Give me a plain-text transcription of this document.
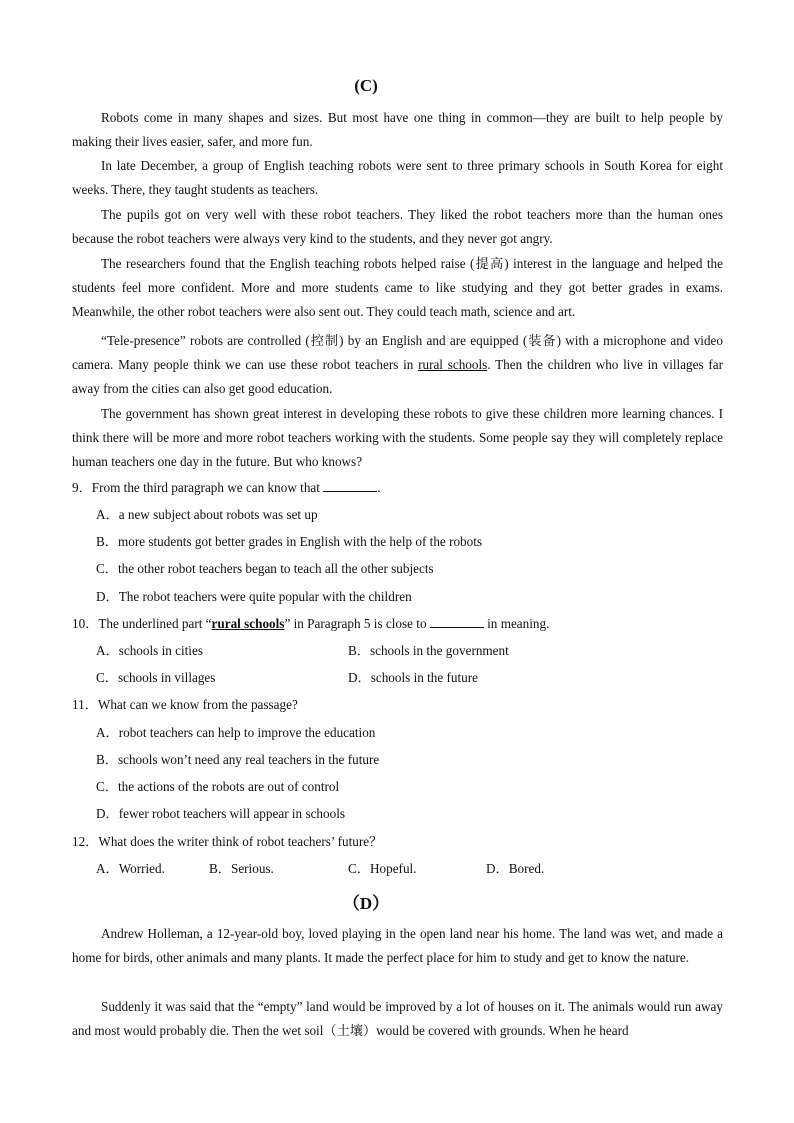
(C)

Robots come in many shapes and sizes. But most have one thing in common—they are built to help people by making their lives easier, safer, and more fun.

In late December, a group of English teaching robots were sent to three primary schools in South Korea for eight weeks. There, they taught students as teachers.

The pupils got on very well with these robot teachers. They liked the robot teachers more than the human ones because the robot teachers were always very kind to the students, and they never got angry.

The researchers found that the English teaching robots helped raise (提高) interest in the language and helped the students feel more confident. More and more students came to like studying and they got better grades in exams. Meanwhile, the other robot teachers were also sent out. They could teach math, science and art.

“Tele-presence” robots are controlled (控制) by an English and are equipped (装备) with a microphone and video camera. Many people think we can use these robot teachers in rural schools. Then the children who live in villages far away from the cities can also get good education.

The government has shown great interest in developing these robots to give these children more learning chances. I think there will be more and more robot teachers working with the students. Some people say they will completely replace human teachers one day in the future. But who knows?

9．From the third paragraph we can know that	.
A．a new subject about robots was set up
B．more students got better grades in English with the help of the robots
C．the other robot teachers began to teach all the other subjects
D．The robot teachers were quite popular with the children
10．The underlined part “rural schools” in Paragraph 5 is close to	in meaning.
A．schools in cities	B．schools in the government
C．schools in villages	D．schools in the future
11．What can we know from the passage?
A．robot teachers can help to improve the education
B．schools won’t need any real teachers in the future
C．the actions of the robots are out of control
D．fewer robot teachers will appear in schools
12．What does the writer think of robot teachers’ future？
A．Worried.	B．Serious.	C．Hopeful.	D．Bored.
（D）

Andrew Holleman, a 12-year-old boy, loved playing in the open land near his home. The land was wet, and made a home for birds, other animals and many plants. It made the perfect place for him to study and get to know the nature.

Suddenly it was said that the “empty” land would be improved by a lot of houses on it. The animals would run away and most would probably die. Then the wet soil（土壤）would be covered with grounds. When he heard
